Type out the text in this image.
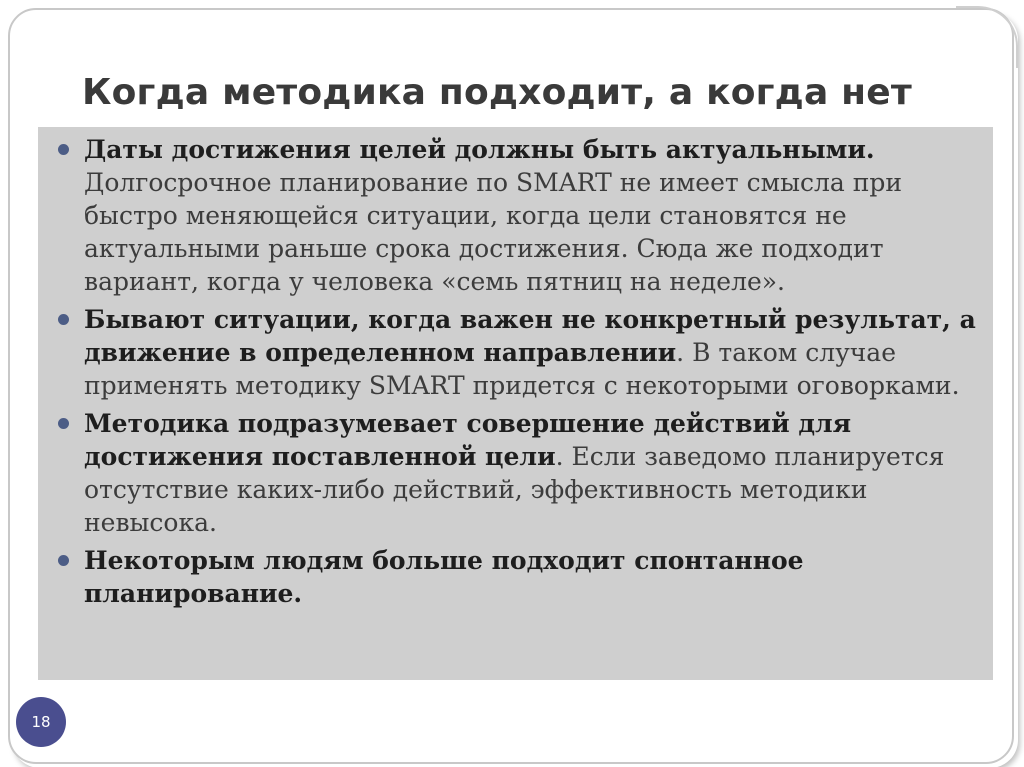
Когда методика подходит, а когда нет
Даты достижения целей должны быть актуальными. Долгосрочное планирование по SMART не имеет смысла при быстро меняющейся ситуации, когда цели становятся не актуальными раньше срока достижения. Сюда же подходит вариант, когда у человека «семь пятниц на неделе».
Бывают ситуации, когда важен не конкретный результат, а движение в определенном направлении. В таком случае применять методику SMART придется с некоторыми оговорками.
Методика подразумевает совершение действий для достижения поставленной цели. Если заведомо планируется отсутствие каких-либо действий, эффективность методики невысока.
Некоторым людям больше подходит спонтанное планирование.
18
